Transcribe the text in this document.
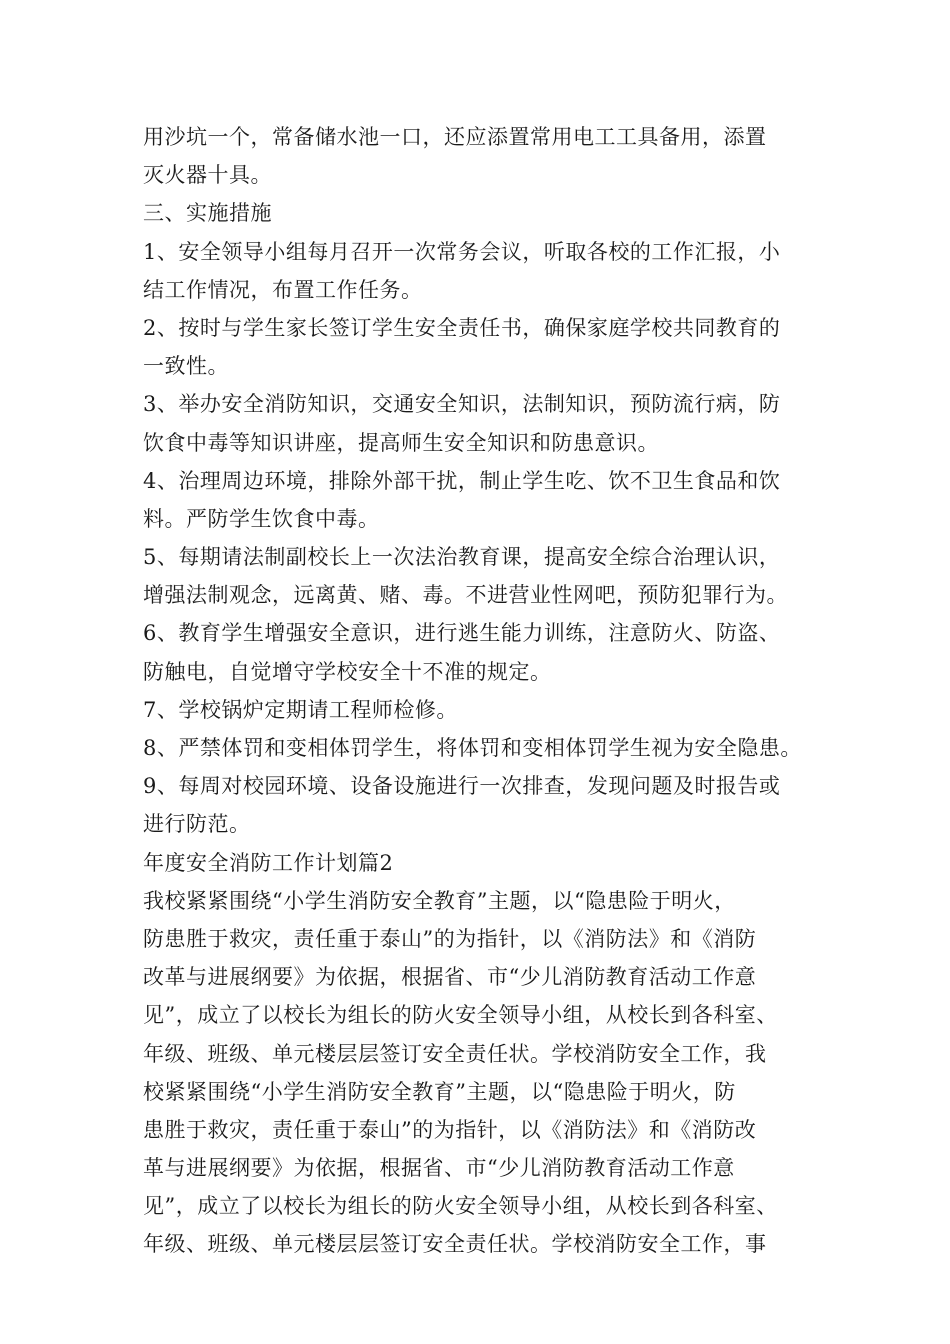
用沙坑一个，常备储水池一口，还应添置常用电工工具备用，添置
灭火器十具。
三、实施措施
1、安全领导小组每月召开一次常务会议，听取各校的工作汇报，小
结工作情况，布置工作任务。
2、按时与学生家长签订学生安全责任书，确保家庭学校共同教育的
一致性。
3、举办安全消防知识，交通安全知识，法制知识，预防流行病，防
饮食中毒等知识讲座，提高师生安全知识和防患意识。
4、治理周边环境，排除外部干扰，制止学生吃、饮不卫生食品和饮
料。严防学生饮食中毒。
5、每期请法制副校长上一次法治教育课，提高安全综合治理认识，
增强法制观念，远离黄、赌、毒。不进营业性网吧，预防犯罪行为。
6、教育学生增强安全意识，进行逃生能力训练，注意防火、防盗、
防触电，自觉增守学校安全十不准的规定。
7、学校锅炉定期请工程师检修。
8、严禁体罚和变相体罚学生，将体罚和变相体罚学生视为安全隐患。
9、每周对校园环境、设备设施进行一次排查，发现问题及时报告或
进行防范。
年度安全消防工作计划篇2
我校紧紧围绕“小学生消防安全教育”主题，以“隐患险于明火，
防患胜于救灾，责任重于泰山”的为指针，以《消防法》和《消防
改革与进展纲要》为依据，根据省、市“少儿消防教育活动工作意
见”，成立了以校长为组长的防火安全领导小组，从校长到各科室、
年级、班级、单元楼层层签订安全责任状。学校消防安全工作，我
校紧紧围绕“小学生消防安全教育”主题，以“隐患险于明火，防
患胜于救灾，责任重于泰山”的为指针，以《消防法》和《消防改
革与进展纲要》为依据，根据省、市“少儿消防教育活动工作意
见”，成立了以校长为组长的防火安全领导小组，从校长到各科室、
年级、班级、单元楼层层签订安全责任状。学校消防安全工作，事
